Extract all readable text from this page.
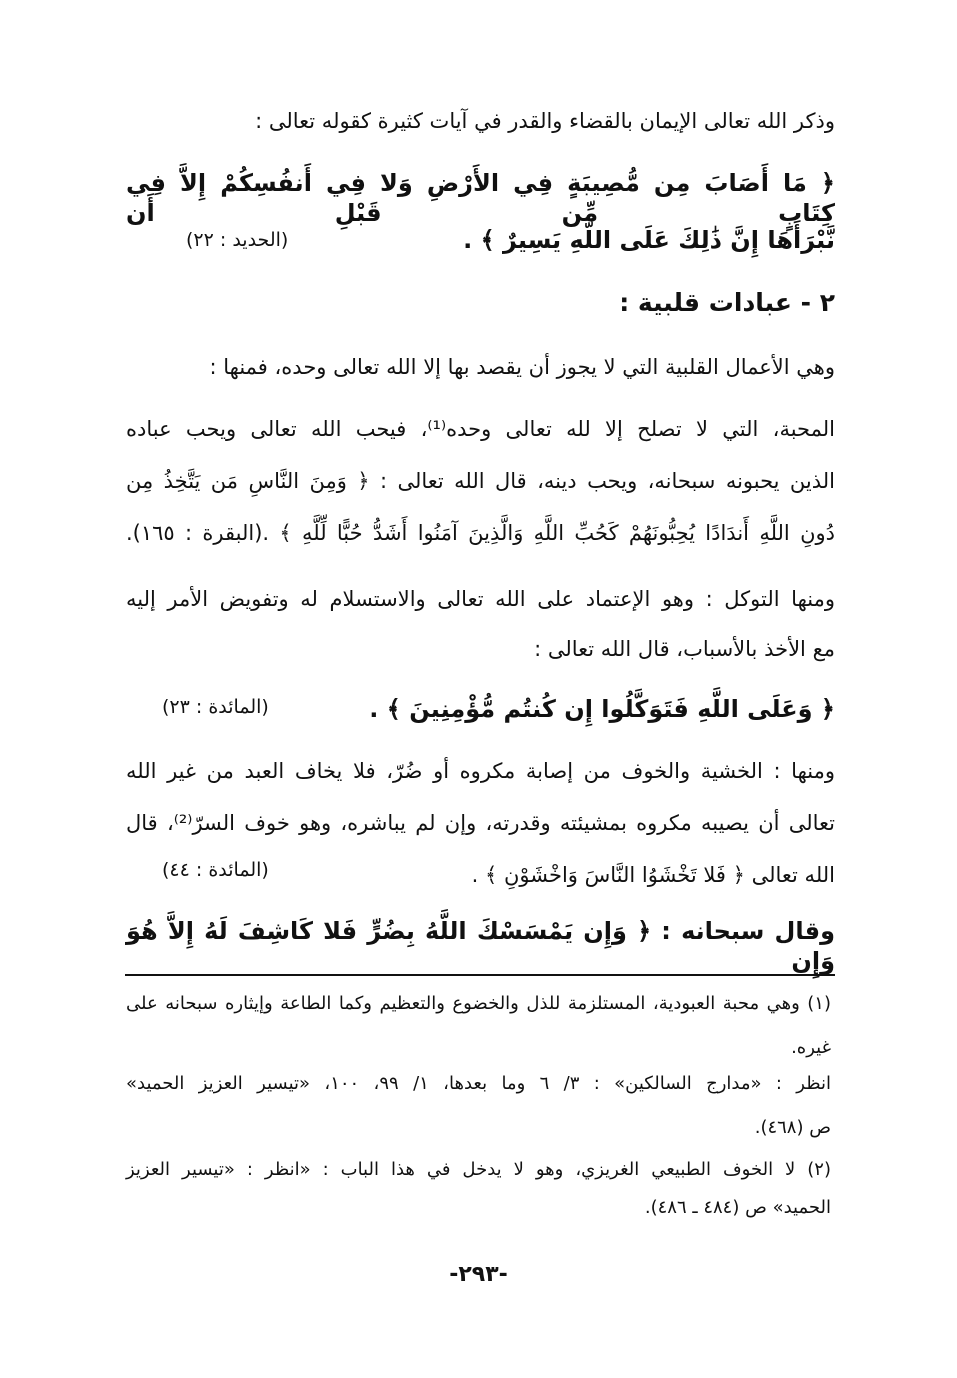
وذكر الله تعالى الإيمان بالقضاء والقدر في آيات كثيرة كقوله تعالى :
﴿ مَا أَصَابَ مِن مُّصِيبَةٍ فِي الأَرْضِ وَلا فِي أَنفُسِكُمْ إِلاَّ فِي كِتَابٍ مِّن قَبْلِ أَن
نَّبْرَأَهَا إِنَّ ذَٰلِكَ عَلَى اللَّهِ يَسِيرٌ ﴾ .
(الحديد : ٢٢)
٢ - عبادات قلبية :
وهي الأعمال القلبية التي لا يجوز أن يقصد بها إلا الله تعالى وحده، فمنها :
المحبة، التي لا تصلح إلا لله تعالى وحده⁽¹⁾، فيحب الله تعالى ويحب عباده
الذين يحبونه سبحانه، ويحب دينه، قال الله تعالى : ﴿ وَمِنَ النَّاسِ مَن يَتَّخِذُ مِن
دُونِ اللَّهِ أَندَادًا يُحِبُّونَهُمْ كَحُبِّ اللَّهِ وَالَّذِينَ آمَنُوا أَشَدُّ حُبًّا لِّلَّهِ ﴾ .(البقرة : ١٦٥).
ومنها التوكل : وهو الإعتماد على الله تعالى والاستسلام له وتفويض الأمر إليه
مع الأخذ بالأسباب، قال الله تعالى :
﴿ وَعَلَى اللَّهِ فَتَوَكَّلُوا إِن كُنتُم مُّؤْمِنِينَ ﴾ .
(المائدة : ٢٣)
ومنها : الخشية والخوف من إصابة مكروه أو ضُرّ، فلا يخاف العبد من غير الله
تعالى أن يصيبه مكروه بمشيئته وقدرته، وإن لم يباشره، وهو خوف السرّ⁽²⁾، قال
الله تعالى ﴿ فَلا تَخْشَوُا النَّاسَ وَاخْشَوْنِ ﴾ .
(المائدة : ٤٤)
وقال سبحانه : ﴿ وَإِن يَمْسَسْكَ اللَّهُ بِضُرٍّ فَلا كَاشِفَ لَهُ إِلاَّ هُوَ وَإِن
(١) وهي محبة العبودية، المستلزمة للذل والخضوع والتعظيم وكما الطاعة وإيثاره سبحانه على
غيره.
انظر : «مدارج السالكين» : ٣/ ٦ وما بعدها، ١/ ٩٩، ١٠٠، «تيسير العزيز الحميد»
ص (٤٦٨).
(٢) لا الخوف الطبيعي الغريزي، وهو لا يدخل في هذا الباب : «انظر : «تيسير العزيز
الحميد» ص (٤٨٤ ـ ٤٨٦).
-٢٩٣-
